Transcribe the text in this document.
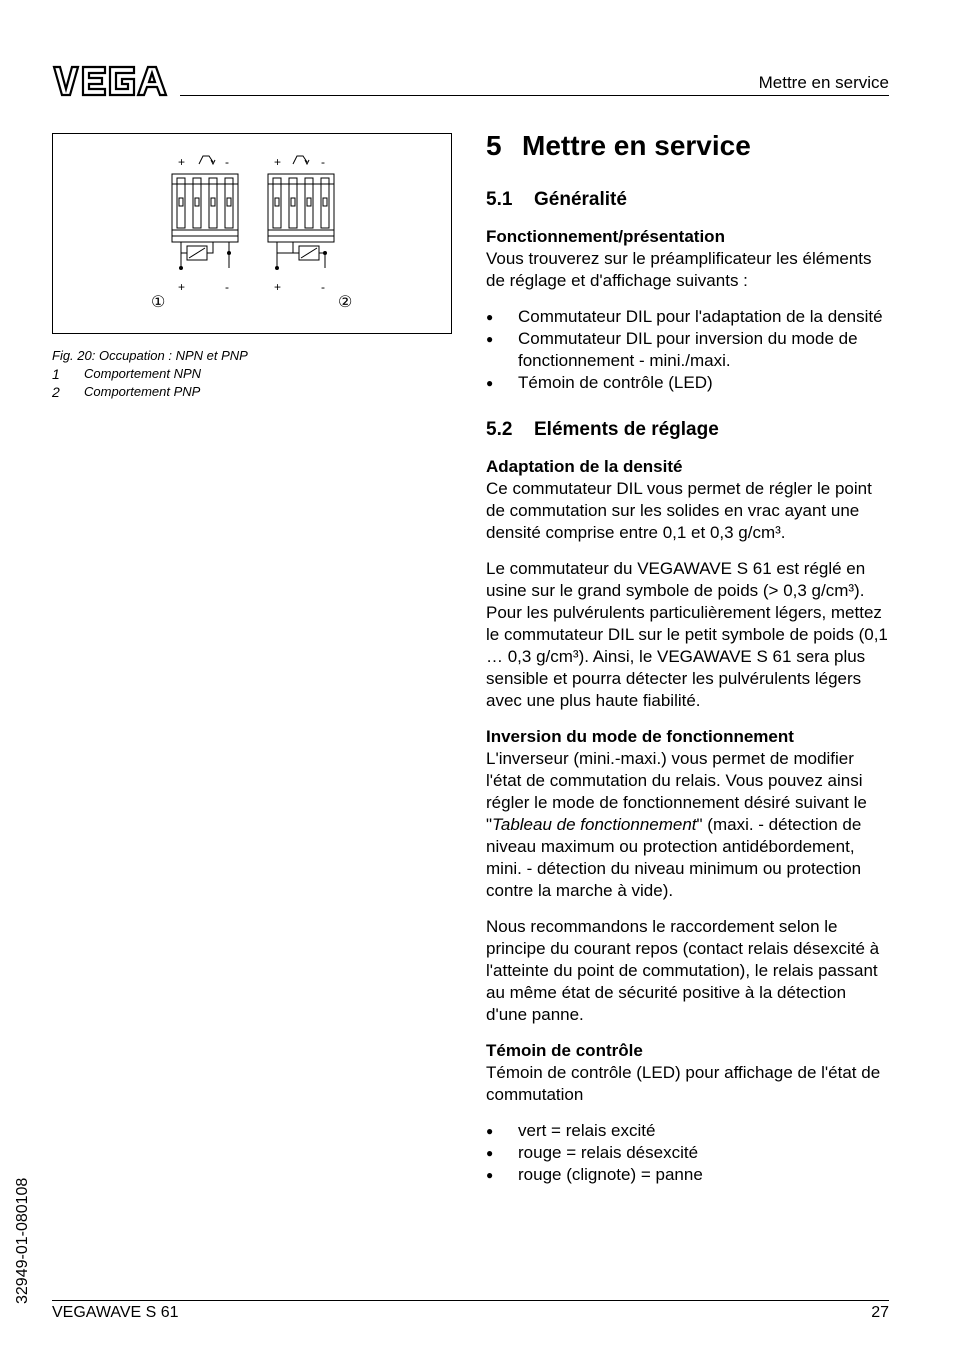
Mettre en service
+	-	+	-
+	-	+	-
①	②
Fig. 20: Occupation : NPN et PNP
1	Comportement NPN
2	Comportement PNP
32949-01-080108
5 Mettre en service
5.1 Généralité

Fonctionnement/présentation

Vous trouverez sur le préamplificateur les éléments de réglage et d'affichage suivants :

● Commutateur DIL pour l'adaptation de la densité
● Commutateur DIL pour inversion du mode de fonctionnement - mini./maxi.
● Témoin de contrôle (LED)
5.2 Eléments de réglage

Adaptation de la densité

Ce commutateur DIL vous permet de régler le point de commutation sur les solides en vrac ayant une densité comprise entre 0,1 et 0,3 g/cm³.

Le commutateur du VEGAWAVE S 61 est réglé en usine sur le grand symbole de poids (> 0,3 g/cm³). Pour les pulvérulents particulièrement légers, mettez le commutateur DIL sur le petit symbole de poids (0,1 … 0,3 g/cm³). Ainsi, le VEGAWAVE S 61 sera plus sensible et pourra détecter les pulvérulents légers avec une plus haute fiabilité.

Inversion du mode de fonctionnement

L'inverseur (mini.-maxi.) vous permet de modifier l'état de commutation du relais. Vous pouvez ainsi régler le mode de fonctionnement désiré suivant le "Tableau de fonctionnement" (maxi. - détection de niveau maximum ou protection antidébordement, mini. - détection du niveau minimum ou protection contre la marche à vide).

Nous recommandons le raccordement selon le principe du courant repos (contact relais désexcité à l'atteinte du point de commutation), le relais passant au même état de sécurité positive à la détection d'une panne.

Témoin de contrôle

Témoin de contrôle (LED) pour affichage de l'état de commutation

● vert = relais excité
● rouge = relais désexcité
● rouge (clignote) = panne
VEGAWAVE S 61	27
